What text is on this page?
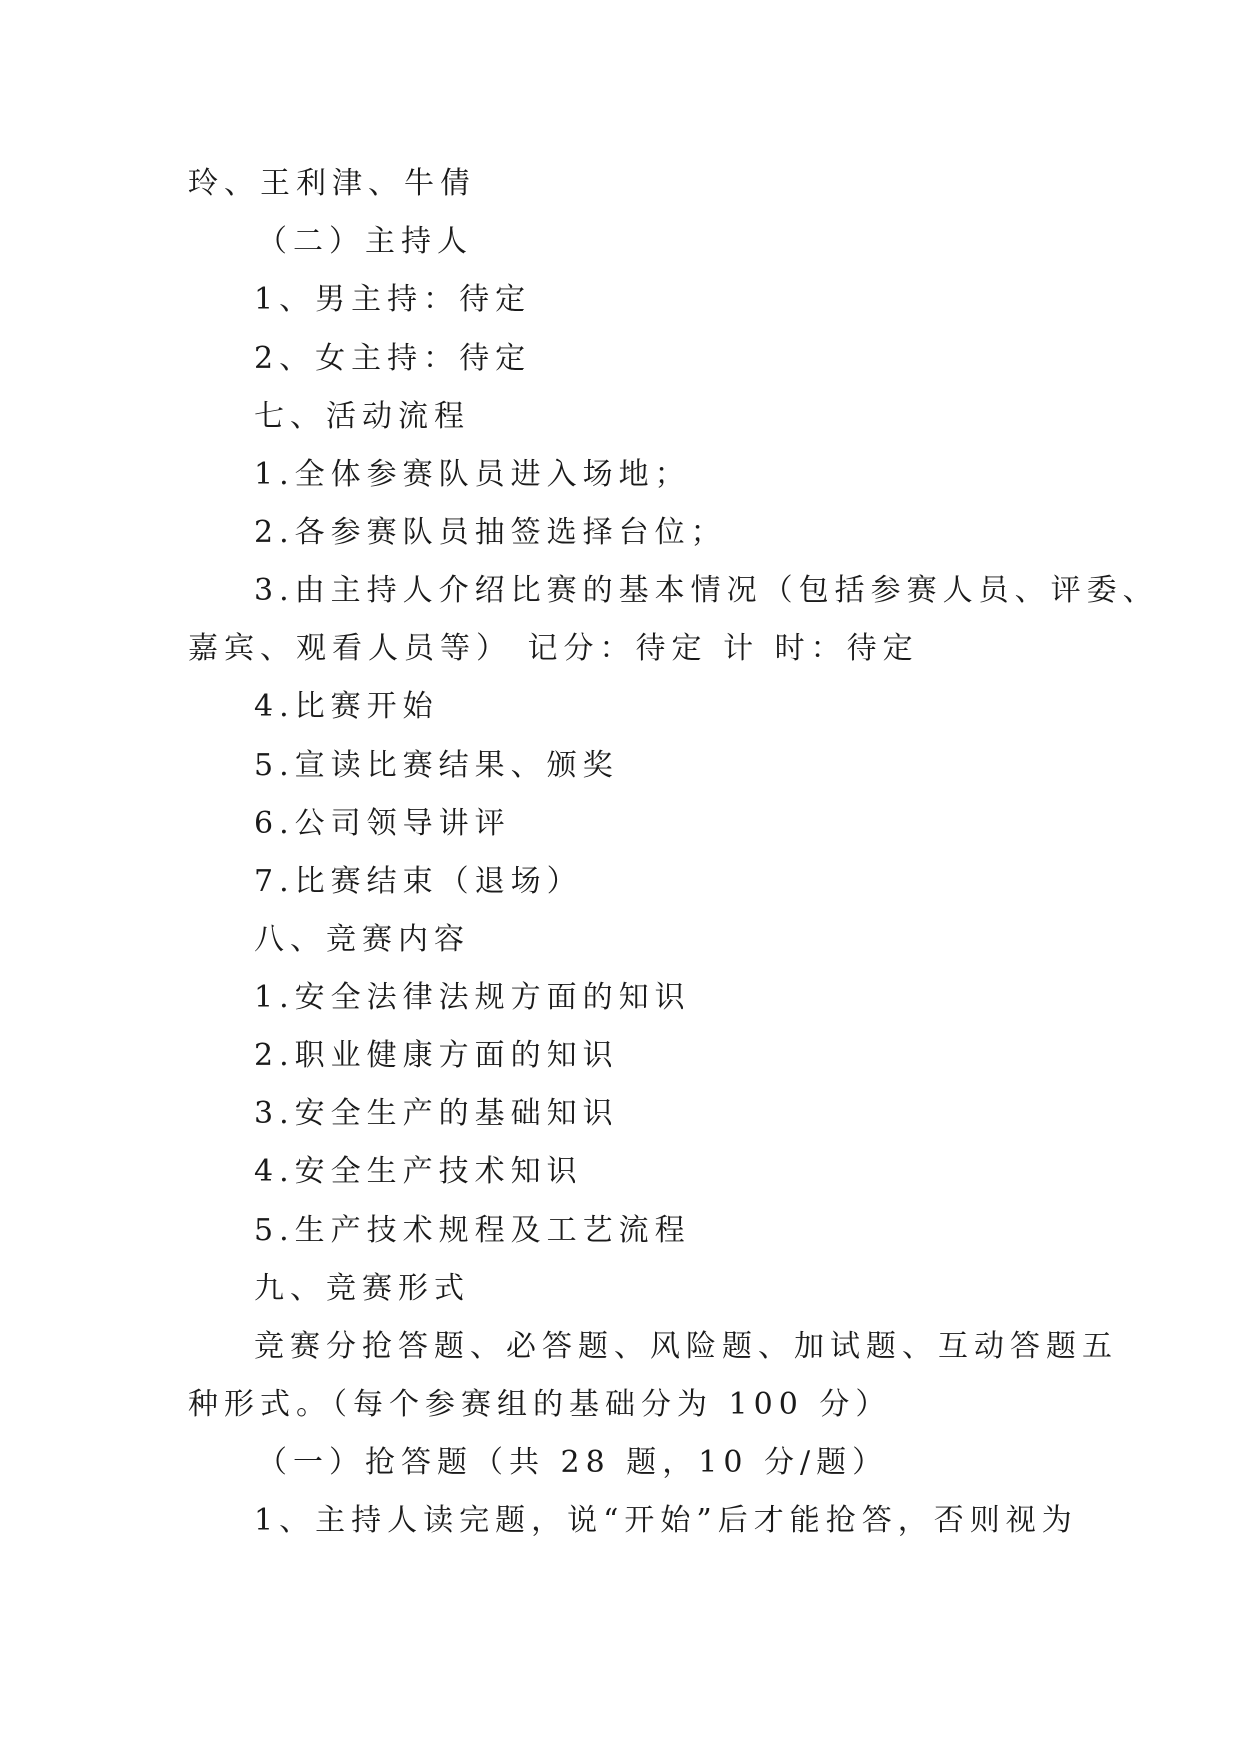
玲、王利津、牛倩
（二）主持人
1、男主持：待定
2、女主持：待定
七、活动流程
1.全体参赛队员进入场地；
2.各参赛队员抽签选择台位；
3.由主持人介绍比赛的基本情况（包括参赛人员、评委、
嘉宾、观看人员等） 记分：待定 计 时：待定
4.比赛开始
5.宣读比赛结果、颁奖
6.公司领导讲评
7.比赛结束（退场）
八、竞赛内容
1.安全法律法规方面的知识
2.职业健康方面的知识
3.安全生产的基础知识
4.安全生产技术知识
5.生产技术规程及工艺流程
九、竞赛形式
竞赛分抢答题、必答题、风险题、加试题、互动答题五
种形式。（每个参赛组的基础分为 100 分）
（一）抢答题（共 28 题，10 分/题）
1、主持人读完题，说“开始”后才能抢答，否则视为
